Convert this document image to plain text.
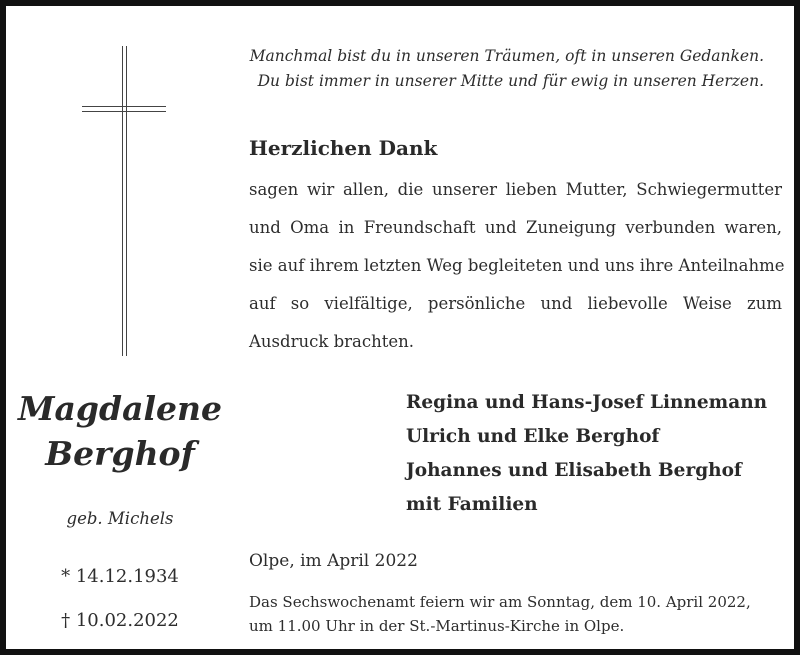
Manchmal bist du in unseren Träumen, oft in unseren Gedanken.
Du bist immer in unserer Mitte und für ewig in unseren Herzen.
Herzlichen Dank
sagen wir allen, die unserer lieben Mutter, Schwiegermutter
und Oma in Freundschaft und Zuneigung verbunden waren,
sie auf ihrem letzten Weg begleiteten und uns ihre Anteilnahme
auf so vielfältige, persönliche und liebevolle Weise zum
Ausdruck brachten.
Magdalene
Berghof
geb. Michels
* 14.12.1934
† 10.02.2022
Regina und Hans-Josef Linnemann
Ulrich und Elke Berghof
Johannes und Elisabeth Berghof
mit Familien
Olpe, im April 2022
Das Sechswochenamt feiern wir am Sonntag, dem 10. April 2022,
um 11.00 Uhr in der St.-Martinus-Kirche in Olpe.
